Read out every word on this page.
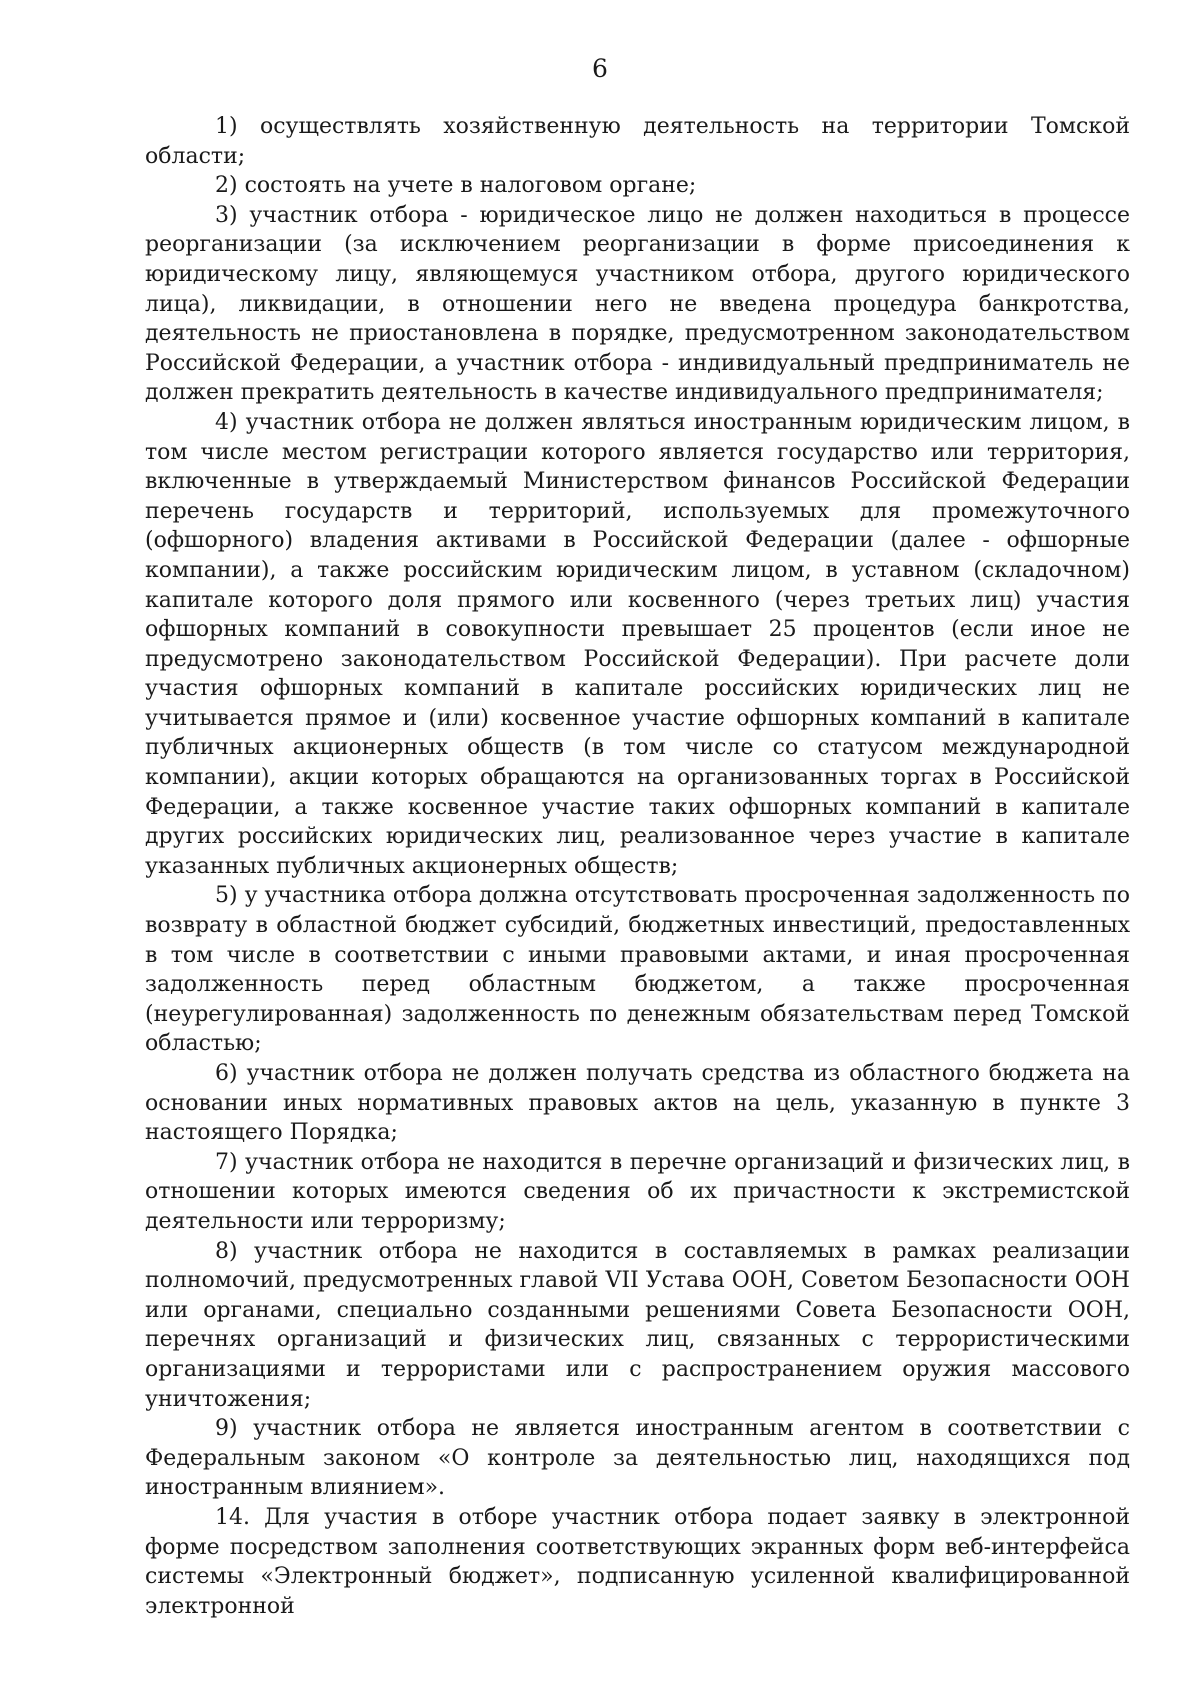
6

1) осуществлять хозяйственную деятельность на территории Томской области;

2) состоять на учете в налоговом органе;

3) участник отбора - юридическое лицо не должен находиться в процессе реорганизации (за исключением реорганизации в форме присоединения к юридическому лицу, являющемуся участником отбора, другого юридического лица), ликвидации, в отношении него не введена процедура банкротства, деятельность не приостановлена в порядке, предусмотренном законодательством Российской Федерации, а участник отбора - индивидуальный предприниматель не должен прекратить деятельность в качестве индивидуального предпринимателя;

4) участник отбора не должен являться иностранным юридическим лицом, в том числе местом регистрации которого является государство или территория, включенные в утверждаемый Министерством финансов Российской Федерации перечень государств и территорий, используемых для промежуточного (офшорного) владения активами в Российской Федерации (далее - офшорные компании), а также российским юридическим лицом, в уставном (складочном) капитале которого доля прямого или косвенного (через третьих лиц) участия офшорных компаний в совокупности превышает 25 процентов (если иное не предусмотрено законодательством Российской Федерации). При расчете доли участия офшорных компаний в капитале российских юридических лиц не учитывается прямое и (или) косвенное участие офшорных компаний в капитале публичных акционерных обществ (в том числе со статусом международной компании), акции которых обращаются на организованных торгах в Российской Федерации, а также косвенное участие таких офшорных компаний в капитале других российских юридических лиц, реализованное через участие в капитале указанных публичных акционерных обществ;

5) у участника отбора должна отсутствовать просроченная задолженность по возврату в областной бюджет субсидий, бюджетных инвестиций, предоставленных в том числе в соответствии с иными правовыми актами, и иная просроченная задолженность перед областным бюджетом, а также просроченная (неурегулированная) задолженность по денежным обязательствам перед Томской областью;

6) участник отбора не должен получать средства из областного бюджета на основании иных нормативных правовых актов на цель, указанную в пункте 3 настоящего Порядка;

7) участник отбора не находится в перечне организаций и физических лиц, в отношении которых имеются сведения об их причастности к экстремистской деятельности или терроризму;

8) участник отбора не находится в составляемых в рамках реализации полномочий, предусмотренных главой VII Устава ООН, Советом Безопасности ООН или органами, специально созданными решениями Совета Безопасности ООН, перечнях организаций и физических лиц, связанных с террористическими организациями и террористами или с распространением оружия массового уничтожения;

9) участник отбора не является иностранным агентом в соответствии с Федеральным законом «О контроле за деятельностью лиц, находящихся под иностранным влиянием».

14. Для участия в отборе участник отбора подает заявку в электронной форме посредством заполнения соответствующих экранных форм веб-интерфейса системы «Электронный бюджет», подписанную усиленной квалифицированной электронной
